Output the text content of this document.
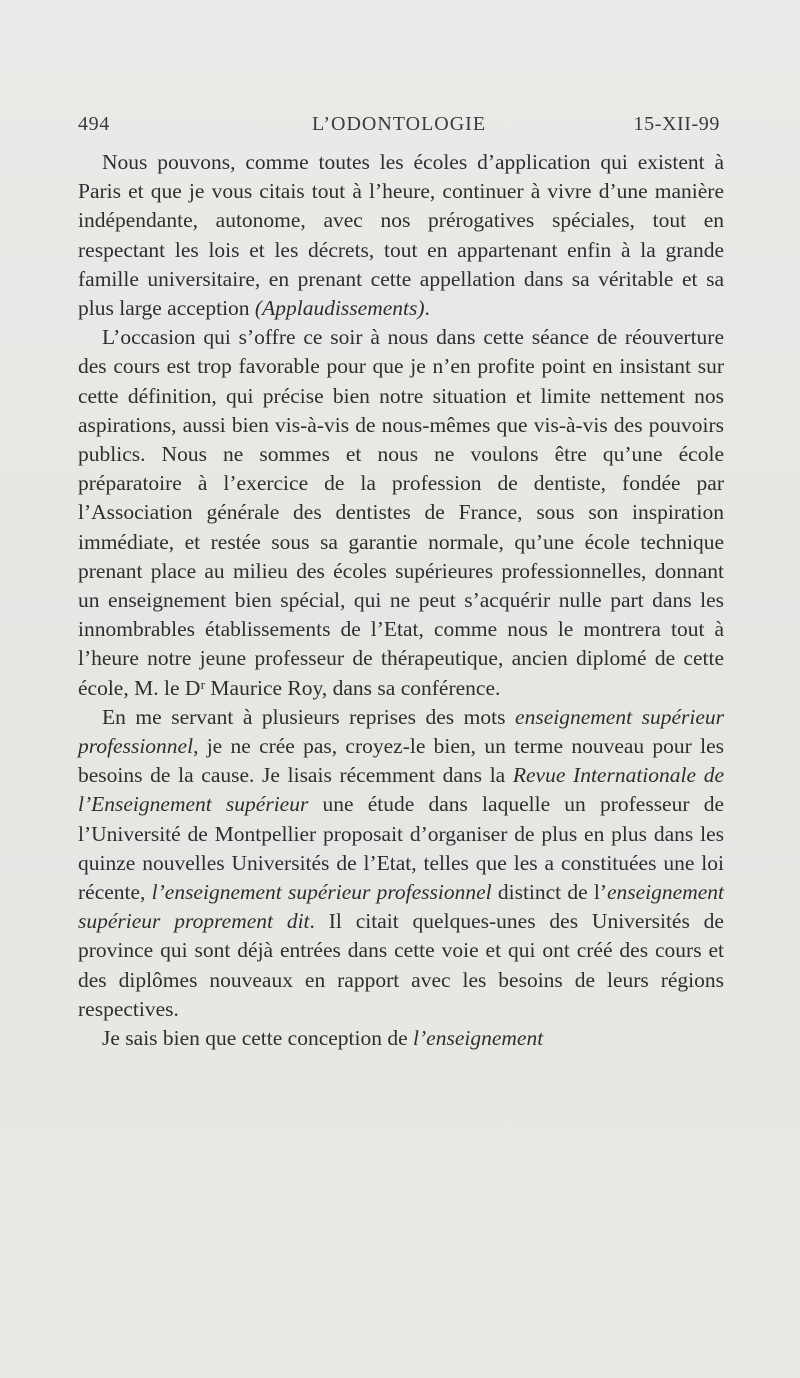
494	L’ODONTOLOGIE	15-XII-99

Nous pouvons, comme toutes les écoles d’application qui existent à Paris et que je vous citais tout à l’heure, continuer à vivre d’une manière indépendante, autonome, avec nos prérogatives spéciales, tout en respectant les lois et les décrets, tout en appartenant enfin à la grande famille universitaire, en prenant cette appellation dans sa véritable et sa plus large acception (Applaudissements).

L’occasion qui s’offre ce soir à nous dans cette séance de réouverture des cours est trop favorable pour que je n’en profite point en insistant sur cette définition, qui précise bien notre situation et limite nettement nos aspirations, aussi bien vis-à-vis de nous-mêmes que vis-à-vis des pouvoirs publics. Nous ne sommes et nous ne voulons être qu’une école préparatoire à l’exercice de la profession de dentiste, fondée par l’Association générale des dentistes de France, sous son inspiration immédiate, et restée sous sa garantie normale, qu’une école technique prenant place au milieu des écoles supérieures professionnelles, donnant un enseignement bien spécial, qui ne peut s’acquérir nulle part dans les innombrables établissements de l’Etat, comme nous le montrera tout à l’heure notre jeune professeur de thérapeutique, ancien diplomé de cette école, M. le Dʳ Maurice Roy, dans sa conférence.

En me servant à plusieurs reprises des mots enseignement supérieur professionnel, je ne crée pas, croyez-le bien, un terme nouveau pour les besoins de la cause. Je lisais récemment dans la Revue Internationale de l’Enseignement supérieur une étude dans laquelle un professeur de l’Université de Montpellier proposait d’organiser de plus en plus dans les quinze nouvelles Universités de l’Etat, telles que les a constituées une loi récente, l’enseignement supérieur professionnel distinct de l’enseignement supérieur proprement dit. Il citait quelques-unes des Universités de province qui sont déjà entrées dans cette voie et qui ont créé des cours et des diplômes nouveaux en rapport avec les besoins de leurs régions respectives.

Je sais bien que cette conception de l’enseignement
